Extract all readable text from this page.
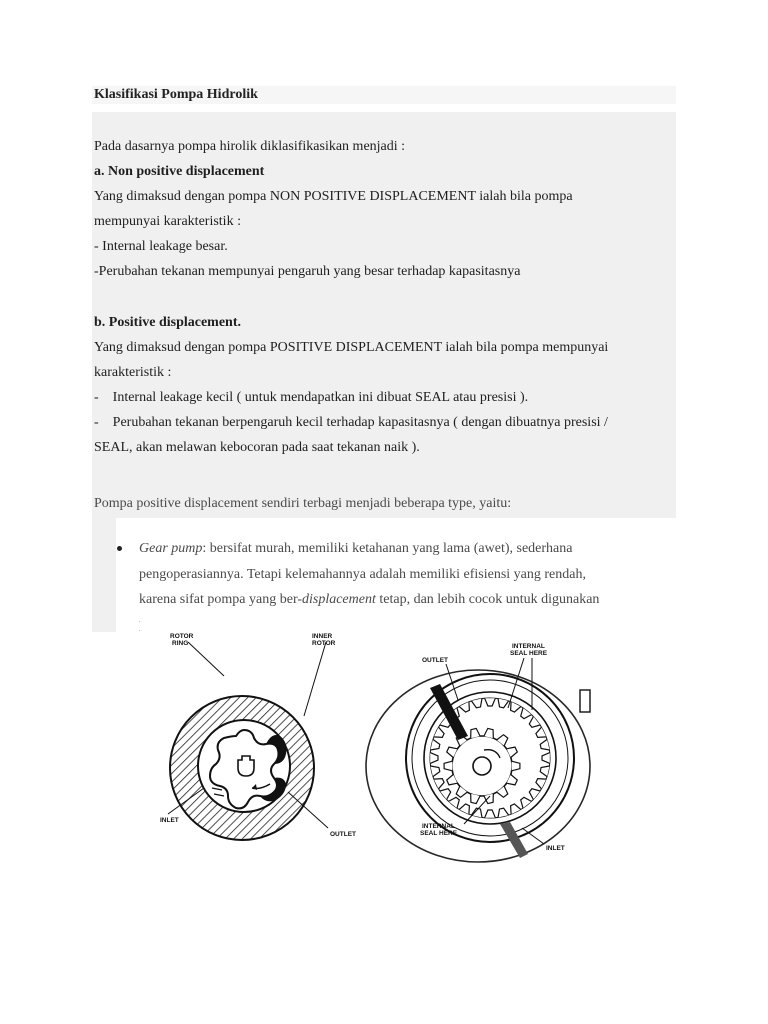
Klasifikasi Pompa Hidrolik
Pada dasarnya pompa hirolik diklasifikasikan menjadi :
a. Non positive displacement
Yang dimaksud dengan pompa NON POSITIVE DISPLACEMENT ialah bila pompa
mempunyai karakteristik :
- Internal leakage besar.
-Perubahan tekanan mempunyai pengaruh yang besar terhadap kapasitasnya
b. Positive displacement.
Yang dimaksud dengan pompa POSITIVE DISPLACEMENT ialah bila pompa mempunyai
karakteristik :
-    Internal leakage kecil ( untuk mendapatkan ini dibuat SEAL atau presisi ).
-    Perubahan tekanan berpengaruh kecil terhadap kapasitasnya ( dengan dibuatnya presisi /
SEAL, akan melawan kebocoran pada saat tekanan naik ).
Pompa positive displacement sendiri terbagi menjadi beberapa type, yaitu:
Gear pump: bersifat murah, memiliki ketahanan yang lama (awet), sederhana
pengoperasiannya. Tetapi kelemahannya adalah memiliki efisiensi yang rendah,
karena sifat pompa yang ber-displacement tetap, dan lebih cocok untuk digunakan
ROTOR
RING
INNER
ROTOR
INLET
OUTLET
OUTLET
INTERNAL
SEAL HERE
INTERNAL
SEAL HERE
INLET
